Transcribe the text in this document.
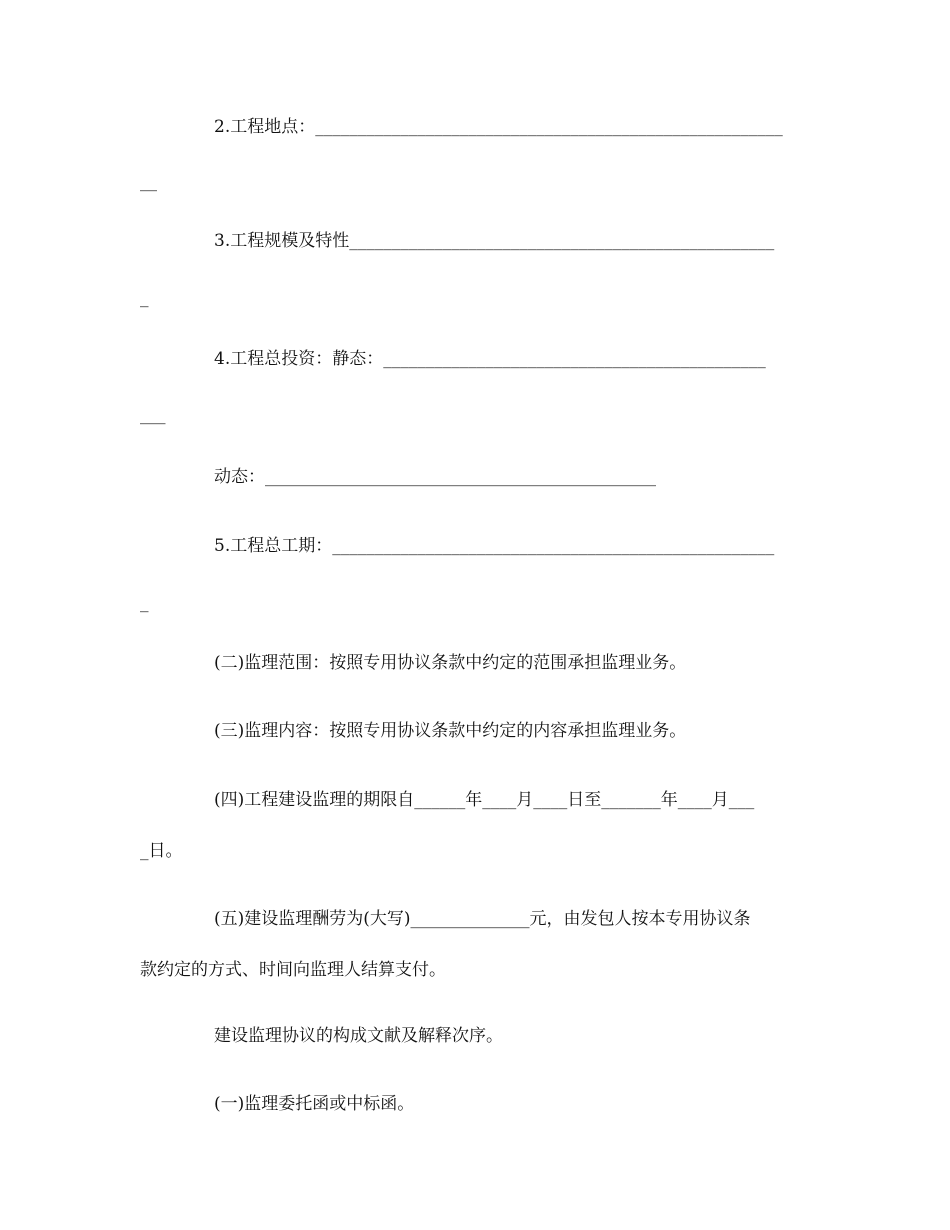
2.工程地点：_______________________________________________________
__
3.工程规模及特性__________________________________________________
_
4.工程总投资：静态：_____________________________________________
___
动态：______________________________________________
5.工程总工期：____________________________________________________
_
(二)监理范围：按照专用协议条款中约定的范围承担监理业务。
(三)监理内容：按照专用协议条款中约定的内容承担监理业务。
(四)工程建设监理的期限自______年____月____日至_______年____月___
_日。
(五)建设监理酬劳为(大写)______________元，由发包人按本专用协议条
款约定的方式、时间向监理人结算支付。
建设监理协议的构成文献及解释次序。
(一)监理委托函或中标函。
